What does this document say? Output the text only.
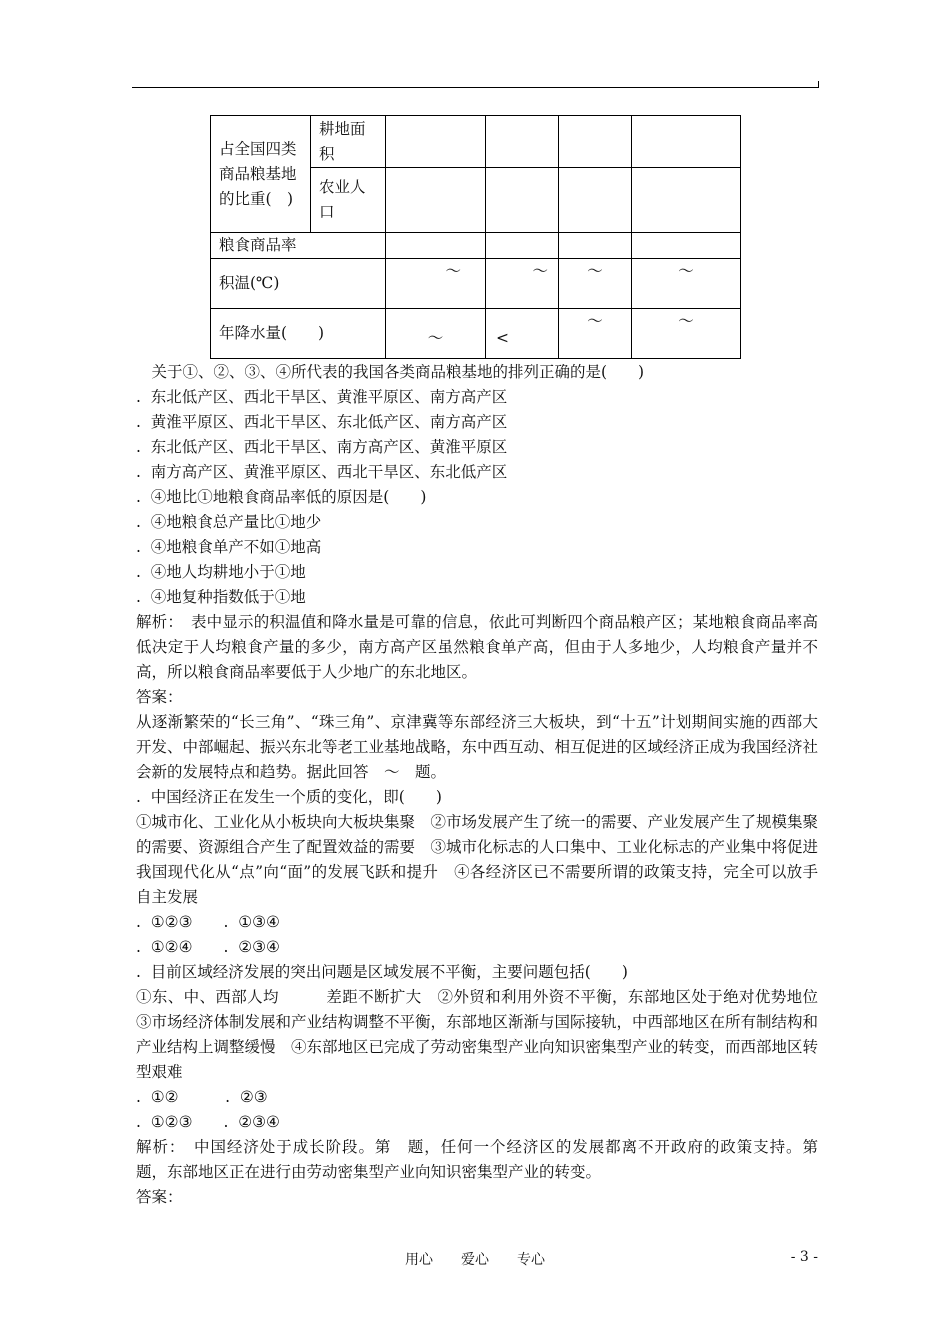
占全国四类商品粮基地的比重(　)	耕地面积				
	农业人口				
粮食商品率					
积温(℃)		～	～	～	～
年降水量(　　)		～	<	～	～
　关于①、②、③、④所代表的我国各类商品粮基地的排列正确的是(　　)
.  东北低产区、西北干旱区、黄淮平原区、南方高产区
.  黄淮平原区、西北干旱区、东北低产区、南方高产区
.  东北低产区、西北干旱区、南方高产区、黄淮平原区
.  南方高产区、黄淮平原区、西北干旱区、东北低产区
.  ④地比①地粮食商品率低的原因是(　　)
.  ④地粮食总产量比①地少
.  ④地粮食单产不如①地高
.  ④地人均耕地小于①地
.  ④地复种指数低于①地
解析：　表中显示的积温值和降水量是可靠的信息，依此可判断四个商品粮产区；某地粮食商品率高低决定于人均粮食产量的多少，南方高产区虽然粮食单产高，但由于人多地少，人均粮食产量并不高，所以粮食商品率要低于人少地广的东北地区。
答案：
从逐渐繁荣的“长三角”、“珠三角”、京津冀等东部经济三大板块，到“十五”计划期间实施的西部大开发、中部崛起、振兴东北等老工业基地战略，东中西互动、相互促进的区域经济正成为我国经济社会新的发展特点和趋势。据此回答　～　题。
.  中国经济正在发生一个质的变化，即(　　)
①城市化、工业化从小板块向大板块集聚　②市场发展产生了统一的需要、产业发展产生了规模集聚的需要、资源组合产生了配置效益的需要　③城市化标志的人口集中、工业化标志的产业集中将促进我国现代化从“点”向“面”的发展飞跃和提升　④各经济区已不需要所谓的政策支持，完全可以放手自主发展
.  ①②③　　.  ①③④
.  ①②④　　.  ②③④
.  目前区域经济发展的突出问题是区域发展不平衡，主要问题包括(　　)
①东、中、西部人均　　　差距不断扩大　②外贸和利用外资不平衡，东部地区处于绝对优势地位　③市场经济体制发展和产业结构调整不平衡，东部地区渐渐与国际接轨，中西部地区在所有制结构和产业结构上调整缓慢　④东部地区已完成了劳动密集型产业向知识密集型产业的转变，而西部地区转型艰难
.  ①②　　　.  ②③
.  ①②③　　.  ②③④
解析：　中国经济处于成长阶段。第　题，任何一个经济区的发展都离不开政府的政策支持。第　题，东部地区正在进行由劳动密集型产业向知识密集型产业的转变。
答案：
用心　　爱心　　专心	- 3 -
